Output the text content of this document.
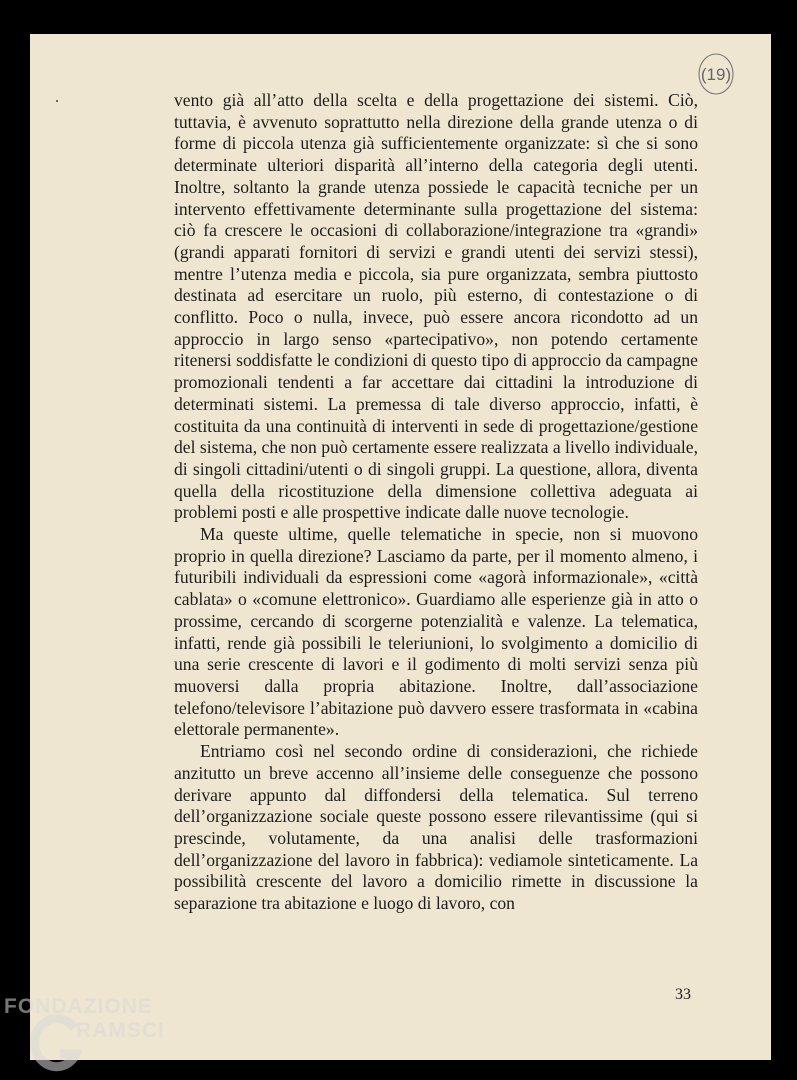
(19)

vento già all’atto della scelta e della progettazione dei sistemi. Ciò, tuttavia, è avvenuto soprattutto nella direzione della grande utenza o di forme di piccola utenza già sufficientemente organizzate: sì che si sono determinate ulteriori disparità all’interno della categoria degli utenti. Inoltre, soltanto la grande utenza possiede le capacità tecniche per un intervento effettivamente determinante sulla progettazione del sistema: ciò fa crescere le occasioni di collaborazione/integrazione tra «grandi» (grandi apparati fornitori di servizi e grandi utenti dei servizi stessi), mentre l’utenza media e piccola, sia pure organizzata, sembra piuttosto destinata ad esercitare un ruolo, più esterno, di contestazione o di conflitto. Poco o nulla, invece, può essere ancora ricondotto ad un approccio in largo senso «partecipativo», non potendo certamente ritenersi soddisfatte le condizioni di questo tipo di approccio da campagne promozionali tendenti a far accettare dai cittadini la introduzione di determinati sistemi. La premessa di tale diverso approccio, infatti, è costituita da una continuità di interventi in sede di progettazione/gestione del sistema, che non può certamente essere realizzata a livello individuale, di singoli cittadini/utenti o di singoli gruppi. La questione, allora, diventa quella della ricostituzione della dimensione collettiva adeguata ai problemi posti e alle prospettive indicate dalle nuove tecnologie.

Ma queste ultime, quelle telematiche in specie, non si muovono proprio in quella direzione? Lasciamo da parte, per il momento almeno, i futuribili individuali da espressioni come «agorà informazionale», «città cablata» o «comune elettronico». Guardiamo alle esperienze già in atto o prossime, cercando di scorgerne potenzialità e valenze. La telematica, infatti, rende già possibili le teleriunioni, lo svolgimento a domicilio di una serie crescente di lavori e il godimento di molti servizi senza più muoversi dalla propria abitazione. Inoltre, dall’associazione telefono/televisore l’abitazione può davvero essere trasformata in «cabina elettorale permanente».

Entriamo così nel secondo ordine di considerazioni, che richiede anzitutto un breve accenno all’insieme delle conseguenze che possono derivare appunto dal diffondersi della telematica. Sul terreno dell’organizzazione sociale queste possono essere rilevantissime (qui si prescinde, volutamente, da una analisi delle trasformazioni dell’organizzazione del lavoro in fabbrica): vediamole sinteticamente. La possibilità crescente del lavoro a domicilio rimette in discussione la separazione tra abitazione e luogo di lavoro, con

33
FONDAZIONE
RAMSCI
